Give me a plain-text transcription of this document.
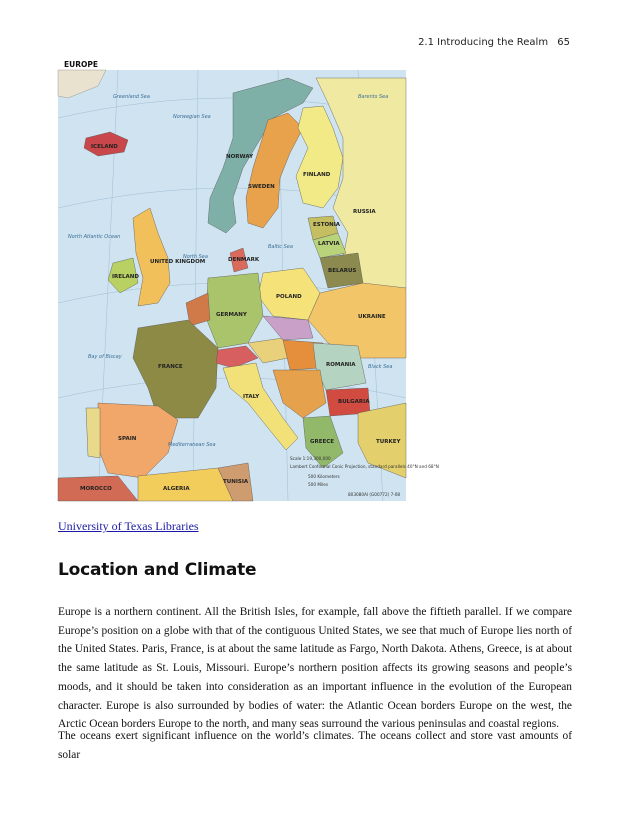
2.1 Introducing the Realm 65
EUROPE
ICELAND
NORWAY
SWEDEN
FINLAND
RUSSIA
UNITED KINGDOM
IRELAND
DENMARK
ESTONIA
LATVIA
BELARUS
POLAND
GERMANY	UKRAINE
FRANCE	ROMANIA
BULGARIA
ITALY
SPAIN	GREECE	TURKEY
ALGERIA
TUNISIA
MOROCCO
Norwegian Sea
North Sea
Baltic Sea
Barents Sea
Bay of Biscay
Mediterranean Sea
Black Sea
Greenland Sea
North Atlantic Ocean
Scale 1:19,300,000
Lambert Conformal Conic Projection, standard parallels 40°N and 68°N
500 Kilometers
500 Miles
803080AI (G00772) 7-08
University of Texas Libraries
Location and Climate

Europe is a northern continent. All the British Isles, for example, fall above the fiftieth parallel. If we compare Europe’s position on a globe with that of the contiguous United States, we see that much of Europe lies north of the United States. Paris, France, is at about the same latitude as Fargo, North Dakota. Athens, Greece, is at about the same latitude as St. Louis, Missouri. Europe’s northern position affects its growing seasons and people’s moods, and it should be taken into consideration as an important influence in the evolution of the European character. Europe is also surrounded by bodies of water: the Atlantic Ocean borders Europe on the west, the Arctic Ocean borders Europe to the north, and many seas surround the various peninsulas and coastal regions.

The oceans exert significant influence on the world’s climates. The oceans collect and store vast amounts of solar
